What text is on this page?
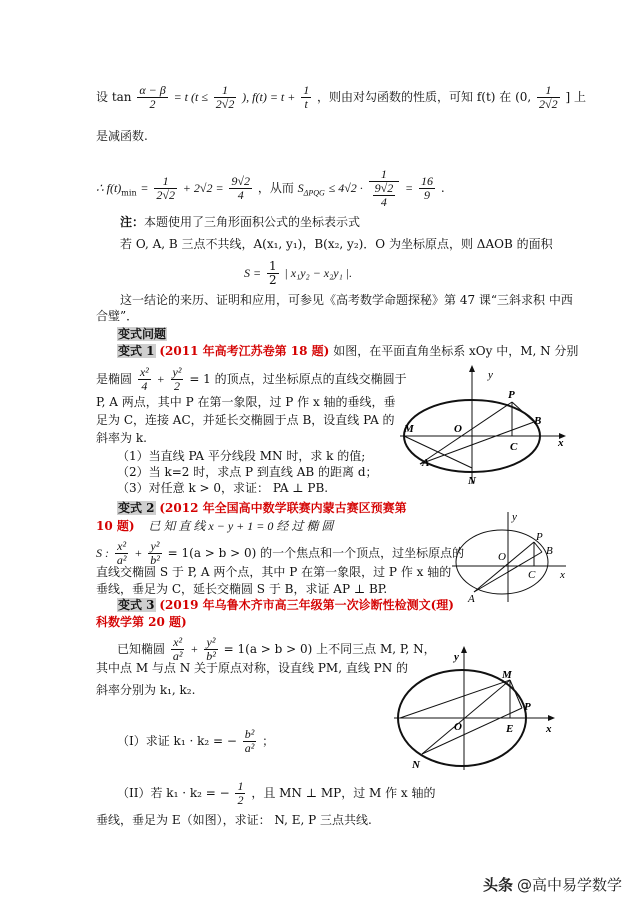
设 $\tan \frac{\alpha - \beta}{2} = t$ ($t \le \frac{1}{2√2}$ ), $f(t) = t + \frac{1}{t}$ ，则由对勾函数的性质，可知 f(t) 在 (0, $\frac{1}{2√2}$ ] 上
是减函数.
∴ $f(t)_{min} = \frac{1}{2√2} + 2√2 = \frac{9√2}{4}$ ，从而 $S_{\Delta PQG} \le 4√2 \cdot \frac{1}{\frac{9√2}{4}} = \frac{16}{9}$ .
注：本题使用了三角形面积公式的坐标表示式
若 O, A, B 三点不共线，A(x₁, y₁)，B(x₂, y₂)．O 为坐标原点，则 ΔAOB 的面积
$S = \frac{1}{2}$ | x₁y₂ − x₂y₁ |.
这一结论的来历、证明和应用，可参见《高考数学命题探秘》第 47 课“三斜求积 中西
合璧”．
变式问题
变式 1 (2011 年高考江苏卷第 18 题) 如图，在平面直角坐标系 xOy 中，M, N 分别
是椭圆 $\frac{\text{x²}}{4} + \frac{\text{y²}}{2} = 1$ 的顶点，过坐标原点的直线交椭圆于
P, A 两点，其中 P 在第一象限，过 P 作 x 轴的垂线，垂
足为 C，连接 AC，并延长交椭圆于点 B，设直线 PA 的
斜率为 k.
（1）当直线 PA 平分线段 MN 时，求 k 的值;
（2）当 k=2 时，求点 P 到直线 AB 的距离 d；
（3）对任意 k > 0，求证： PA ⊥ PB.
y
M	O
P
B
C
A
N
x
变式 2 (2012 年全国高中数学联赛内蒙古赛区预赛第
10 题) 已 知 直 线 x − y + 1 = 0 经 过 椭 圆
S : $\frac{\text{x²}}{\text{a²}} + \frac{\text{y²}}{\text{b²}} = 1(a > b > 0)$ 的一个焦点和一个顶点，过坐标原点的
直线交椭圆 S 于 P, A 两个点，其中 P 在第一象限，过 P 作 x 轴的
垂线，垂足为 C，延长交椭圆 S 于 B，求证 AP ⊥ BP.
y
P
B
C
O
x
A
变式 3 (2019 年乌鲁木齐市高三年级第一次诊断性检测文(理)
科数学第 20 题)
已知椭圆 $\frac{\text{x²}}{\text{a²}} + \frac{\text{y²}}{\text{b²}} = 1(a > b > 0)$ 上不同三点 M, P, N，
其中点 M 与点 N 关于原点对称，设直线 PM, 直线 PN 的
斜率分别为 k₁, k₂.
（I）求证 k₁ · k₂ = − $\frac{\text{b²}}{\text{a²}}$ ；
（II）若 k₁ · k₂ = − $\frac{1}{2}$ ，且 MN ⊥ MP，过 M 作 x 轴的
垂线，垂足为 E（如图），求证： N, E, P 三点共线.
y
M
P
O	E	x
N
头条 @高中易学数学
